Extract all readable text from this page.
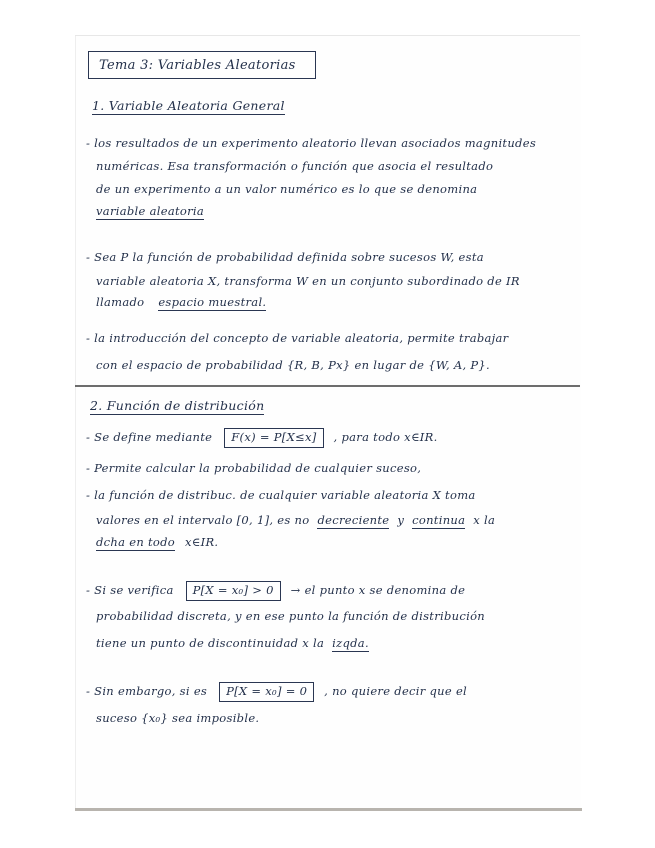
Tema 3: Variables Aleatorias
1. Variable Aleatoria General
- los resultados de un experimento aleatorio llevan asociados magnitudes
numéricas. Esa transformación o función que asocia el resultado
de un experimento a un valor numérico es lo que se denomina
variable aleatoria
- Sea P la función de probabilidad definida sobre sucesos W, esta
variable aleatoria X, transforma W en un conjunto subordinado de IR
llamado espacio muestral.
- la introducción del concepto de variable aleatoria, permite trabajar
con el espacio de probabilidad {R, B, Px} en lugar de {W, A, P}.
2. Función de distribución
- Se define mediante F(x) = P[X≤x] , para todo x∈IR.
- Permite calcular la probabilidad de cualquier suceso,
- la función de distribuc. de cualquier variable aleatoria X toma
valores en el intervalo [0, 1], es no decreciente y continua x la
dcha en todo x∈IR.
- Si se verifica P[X = x₀] > 0 → el punto x se denomina de
probabilidad discreta, y en ese punto la función de distribución
tiene un punto de discontinuidad x la izqda.
- Sin embargo, si es P[X = x₀] = 0 , no quiere decir que el
suceso {x₀} sea imposible.
